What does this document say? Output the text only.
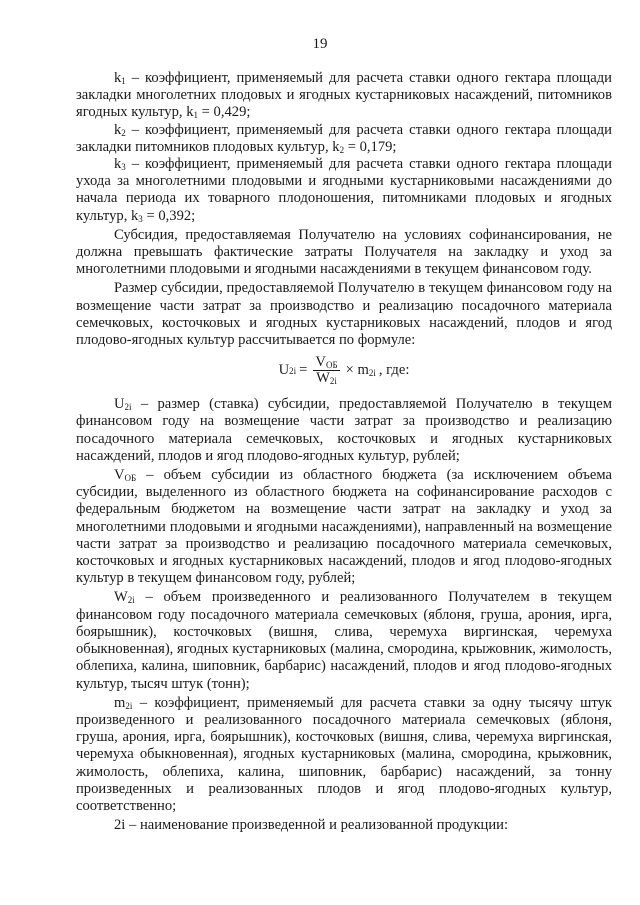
19

$k_1$ – коэффициент, применяемый для расчета ставки одного гектара площади закладки многолетних плодовых и ягодных кустарниковых насаждений, питомников ягодных культур, $k_1 = 0,429$;

$k_2$ – коэффициент, применяемый для расчета ставки одного гектара площади закладки питомников плодовых культур, $k_2 = 0,179$;

$k_3$ – коэффициент, применяемый для расчета ставки одного гектара площади ухода за многолетними плодовыми и ягодными кустарниковыми насаждениями до начала периода их товарного плодоношения, питомниками плодовых и ягодных культур, $k_3 = 0,392$;

Субсидия, предоставляемая Получателю на условиях софинансирования, не должна превышать фактические затраты Получателя на закладку и уход за многолетними плодовыми и ягодными насаждениями в текущем финансовом году.

Размер субсидии, предоставляемой Получателю в текущем финансовом году на возмещение части затрат за производство и реализацию посадочного материала семечковых, косточковых и ягодных кустарниковых насаждений, плодов и ягод плодово-ягодных культур рассчитывается по формуле:

U $2i = \frac{V_{ОБ}}{W_{2i}} \times m_{2i}$ , где:

$U_{2i}$ – размер (ставка) субсидии, предоставляемой Получателю в текущем финансовом году на возмещение части затрат за производство и реализацию посадочного материала семечковых, косточковых и ягодных кустарниковых насаждений, плодов и ягод плодово-ягодных культур, рублей;

$V_{ОБ}$ – объем субсидии из областного бюджета (за исключением объема субсидии, выделенного из областного бюджета на софинансирование расходов с федеральным бюджетом на возмещение части затрат на закладку и уход за многолетними плодовыми и ягодными насаждениями), направленный на возмещение части затрат за производство и реализацию посадочного материала семечковых, косточковых и ягодных кустарниковых насаждений, плодов и ягод плодово-ягодных культур в текущем финансовом году, рублей;

$W_{2i}$ – объем произведенного и реализованного Получателем в текущем финансовом году посадочного материала семечковых (яблоня, груша, арония, ирга, боярышник), косточковых (вишня, слива, черемуха виргинская, черемуха обыкновенная), ягодных кустарниковых (малина, смородина, крыжовник, жимолость, облепиха, калина, шиповник, барбарис) насаждений, плодов и ягод плодово-ягодных культур, тысяч штук (тонн);

$m_{2i}$ – коэффициент, применяемый для расчета ставки за одну тысячу штук произведенного и реализованного посадочного материала семечковых (яблоня, груша, арония, ирга, боярышник), косточковых (вишня, слива, черемуха виргинская, черемуха обыкновенная), ягодных кустарниковых (малина, смородина, крыжовник, жимолость, облепиха, калина, шиповник, барбарис) насаждений, за тонну произведенных и реализованных плодов и ягод плодово-ягодных культур, соответственно;

2i – наименование произведенной и реализованной продукции:
